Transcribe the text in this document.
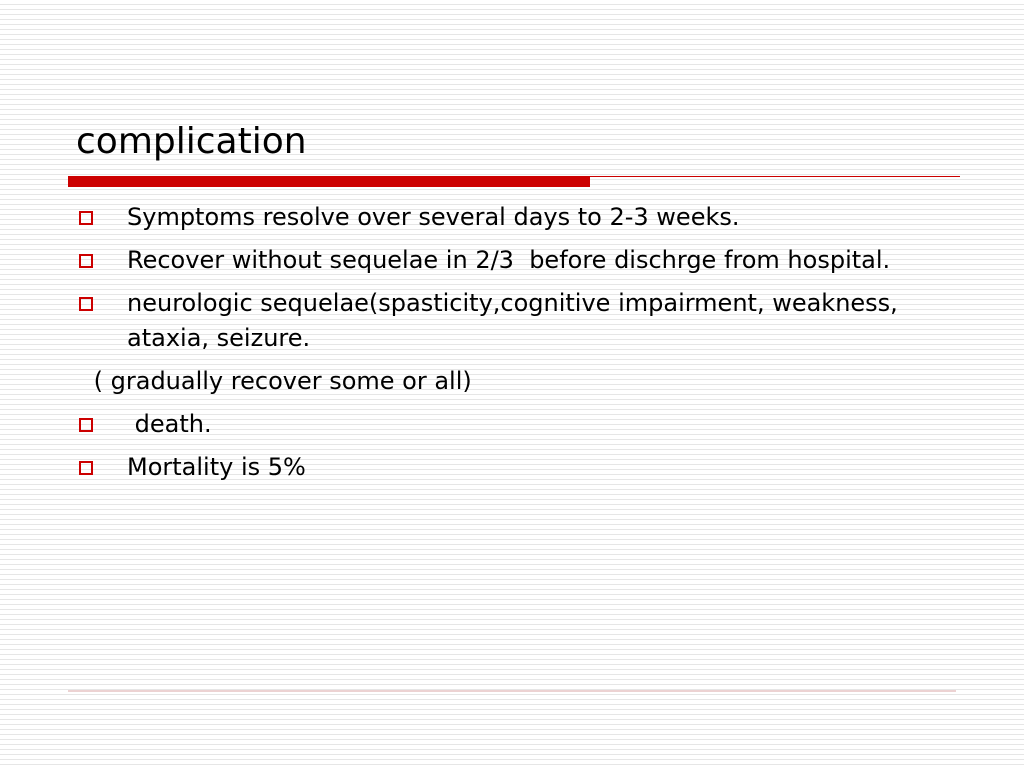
complication
Symptoms resolve over several days to 2-3 weeks.
Recover without sequelae in 2/3  before dischrge from hospital.
neurologic sequelae(spasticity,cognitive impairment, weakness, ataxia, seizure.
( gradually recover some or all)
death.
Mortality is 5%
